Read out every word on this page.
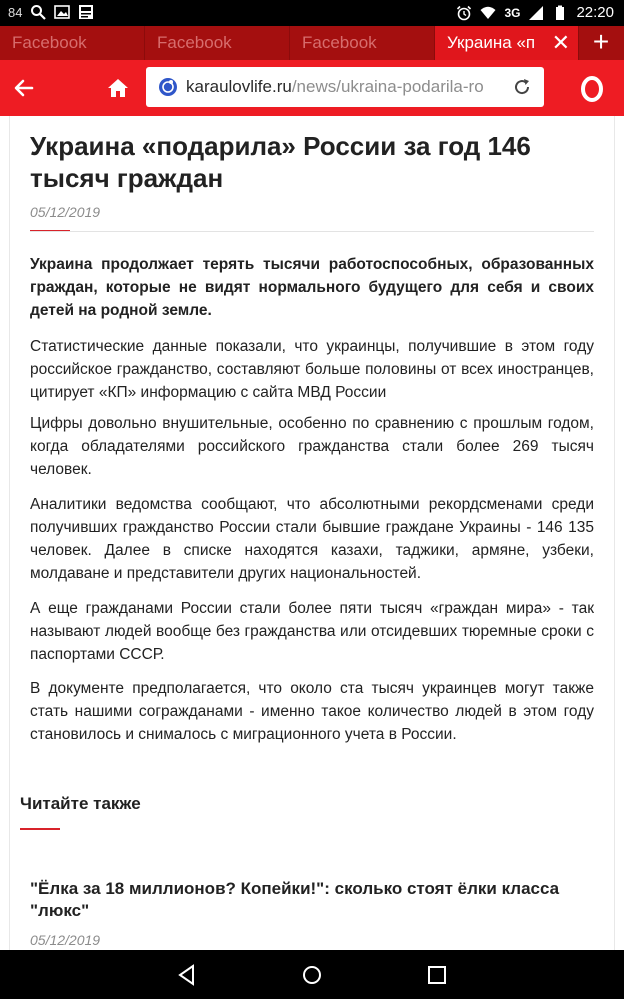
84	3G	22:20
Facebook	Facebook	Facebook	Украина «п ✕ +
karaulovlife.ru/news/ukraina-podarila-ro
Украина «подарила» России за год 146 тысяч граждан
05/12/2019

Украина продолжает терять тысячи работоспособных, образованных граждан, которые не видят нормального будущего для себя и своих детей на родной земле.

Статистические данные показали, что украинцы, получившие в этом году российское гражданство, составляют больше половины от всех иностранцев, цитирует «КП» информацию с сайта МВД России

Цифры довольно внушительные, особенно по сравнению с прошлым годом, когда обладателями российского гражданства стали более 269 тысяч человек.

Аналитики ведомства сообщают, что абсолютными рекордсменами среди получивших гражданство России стали бывшие граждане Украины - 146 135 человек. Далее в списке находятся казахи, таджики, армяне, узбеки, молдаване и представители других национальностей.

А еще гражданами России стали более пяти тысяч «граждан мира» - так называют людей вообще без гражданства или отсидевших тюремные сроки с паспортами СССР.

В документе предполагается, что около ста тысяч украинцев могут также стать нашими согражданами - именно такое количество людей в этом году становилось и снималось с миграционного учета в России.

Читайте также

"Ёлка за 18 миллионов? Копейки!": сколько стоят ёлки класса "люкс"

05/12/2019
